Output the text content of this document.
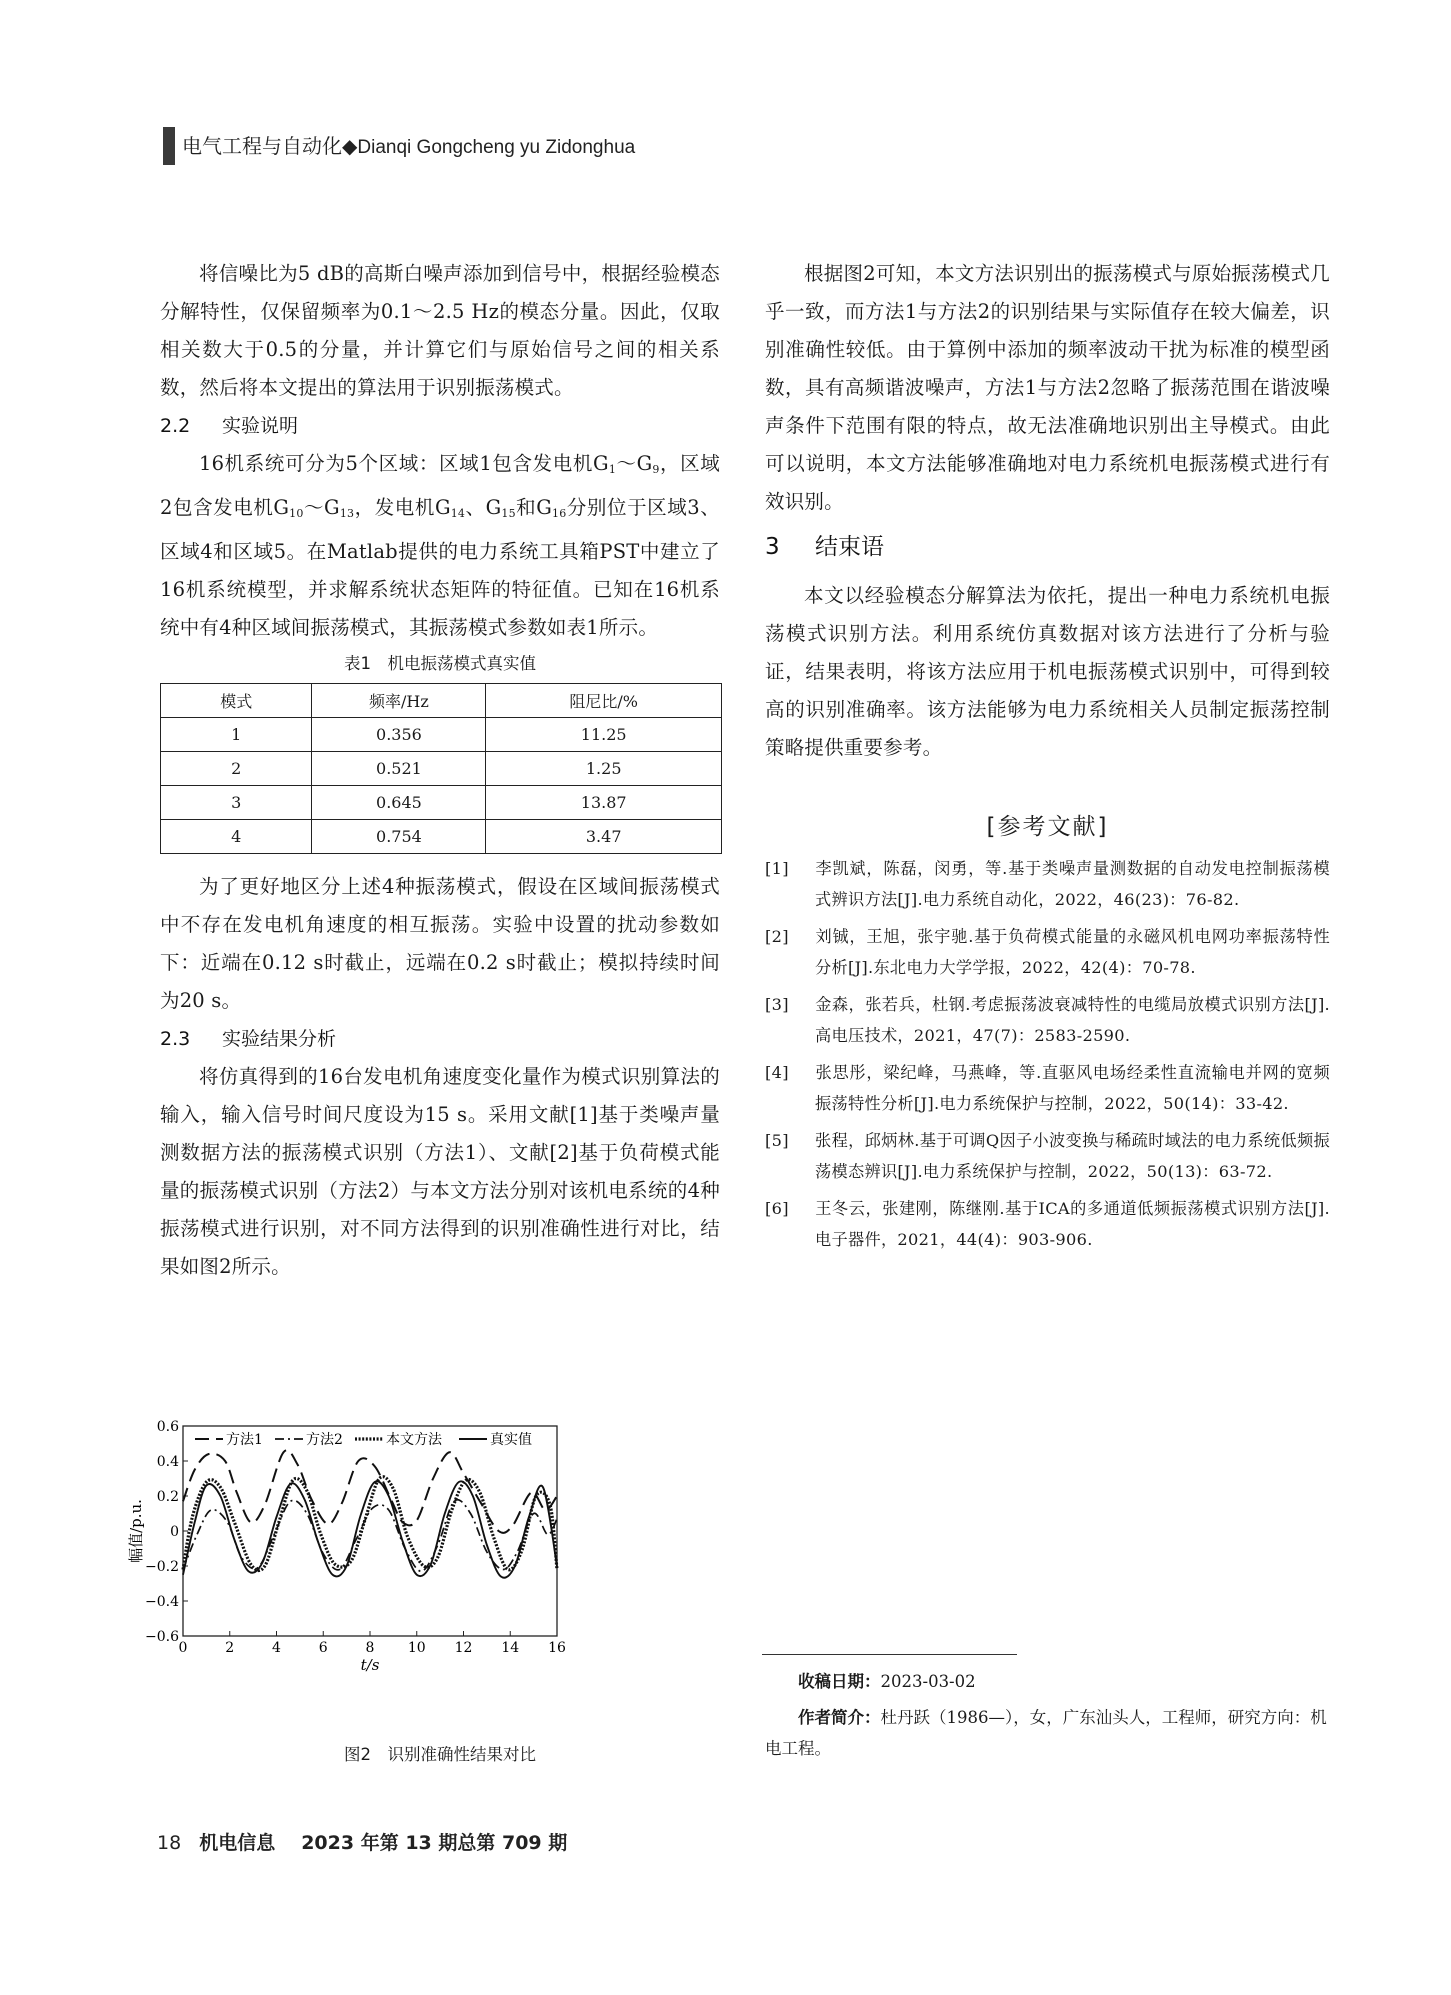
电气工程与自动化◆Dianqi Gongcheng yu Zidonghua

将信噪比为5 dB的高斯白噪声添加到信号中，根据经验模态分解特性，仅保留频率为0.1～2.5 Hz的模态分量。因此，仅取相关数大于0.5的分量，并计算它们与原始信号之间的相关系数，然后将本文提出的算法用于识别振荡模式。

2.2 实验说明

16机系统可分为5个区域：区域1包含发电机$G_1\sim G_9$，区域2包含发电机$G_{10}\sim G_{13}$，发电机$G_{14}$、$G_{15}$和$G_{16}$分别位于区域3、区域4和区域5。在Matlab提供的电力系统工具箱PST中建立了16机系统模型，并求解系统状态矩阵的特征值。已知在16机系统中有4种区域间振荡模式，其振荡模式参数如表1所示。

表1　机电振荡模式真实值
模式	频率/Hz	阻尼比/%
1	0.356	11.25
2	0.521	1.25
3	0.645	13.87
4	0.754	3.47

为了更好地区分上述4种振荡模式，假设在区域间振荡模式中不存在发电机角速度的相互振荡。实验中设置的扰动参数如下：近端在0.12 s时截止，远端在0.2 s时截止；模拟持续时间为20 s。

2.3 实验结果分析

将仿真得到的16台发电机角速度变化量作为模式识别算法的输入，输入信号时间尺度设为15 s。采用文献[1]基于类噪声量测数据方法的振荡模式识别（方法1）、文献[2]基于负荷模式能量的振荡模式识别（方法2）与本文方法分别对该机电系统的4种振荡模式进行识别，对不同方法得到的识别准确性进行对比，结果如图2所示。

0	2	4	6	8 10 12 14 16
−0.6
−0.4
−0.2
0
0.2
0.4
0.6
t/s
幅值/p.u.
方法1	方法2	本文方法	真实值
图2　识别准确性结果对比

根据图2可知，本文方法识别出的振荡模式与原始振荡模式几乎一致，而方法1与方法2的识别结果与实际值存在较大偏差，识别准确性较低。由于算例中添加的频率波动干扰为标准的模型函数，具有高频谐波噪声，方法1与方法2忽略了振荡范围在谐波噪声条件下范围有限的特点，故无法准确地识别出主导模式。由此可以说明，本文方法能够准确地对电力系统机电振荡模式进行有效识别。

3 结束语

本文以经验模态分解算法为依托，提出一种电力系统机电振荡模式识别方法。利用系统仿真数据对该方法进行了分析与验证，结果表明，将该方法应用于机电振荡模式识别中，可得到较高的识别准确率。该方法能够为电力系统相关人员制定振荡控制策略提供重要参考。

[参考文献]

[1] 李凯斌，陈磊，闵勇，等.基于类噪声量测数据的自动发电控制振荡模式辨识方法[J].电力系统自动化，2022，46(23)：76-82.

[2] 刘铖，王旭，张宇驰.基于负荷模式能量的永磁风机电网功率振荡特性分析[J].东北电力大学学报，2022，42(4)：70-78.

[3] 金森，张若兵，杜钢.考虑振荡波衰减特性的电缆局放模式识别方法[J].高电压技术，2021，47(7)：2583-2590.

[4] 张思彤，梁纪峰，马燕峰，等.直驱风电场经柔性直流输电并网的宽频振荡特性分析[J].电力系统保护与控制，2022，50(14)：33-42.

[5] 张程，邱炳林.基于可调Q因子小波变换与稀疏时域法的电力系统低频振荡模态辨识[J].电力系统保护与控制，2022，50(13)：63-72.

[6] 王冬云，张建刚，陈继刚.基于ICA的多通道低频振荡模式识别方法[J].电子器件，2021，44(4)：903-906.

收稿日期：2023-03-02

作者简介：杜丹跃（1986—），女，广东汕头人，工程师，研究方向：机电工程。

18 机电信息 2023 年第 13 期总第 709 期
